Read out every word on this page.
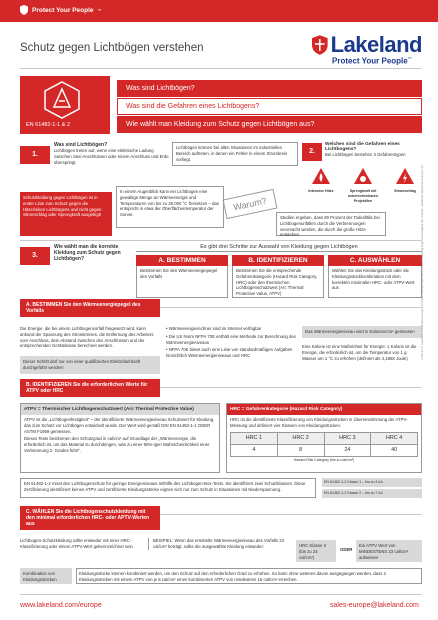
Protect Your People ™
Schutz gegen Lichtbögen verstehen	Lakeland
Protect Your People™
EN 61482-1-1 & 2
Was sind Lichtbögen?
Was sind die Gefahren eines Lichtbogens?
Wie wählt man Kleidung zum Schutz gegen Lichtbögen aus?
1.
Was sind Lichtbögen?
Lichtbögen treten auf, wenn eine elektrische Ladung zwischen zwei Anschlüssen oder einem Anschluss und Erde überspringt.
Lichtbögen können bei allen Situationen im industriellen Bereich auftreten, in denen ein Fehler in einem Stromkreis vorliegt.
2.
Welches sind die Gefahren eines Lichtbogens?
Bei Lichtbögen bestehen 3 Gefahrentypen
Intensive Hitze	Sprengkraft mit unberechenbaren Projektilen
Stromschlag
Schutzkleidung gegen Lichtbögen ist in erster Linie zum Schutz gegen die Hitzerisiken Lichtbögens und nicht gegen Stromschlag oder Sprengkraft ausgelegt!
In einem Augenblick kann ein Lichtbogen eine gewaltige Menge an Wärmeenergie und Temperaturen von bis zu 35.000 °C freisetzen – das entspricht in etwa der Oberflächentemperatur der Sonne.
Warum?
Studien ergeben, dass 80 Prozent der Todesfälle bei Lichtbogenunfällen durch die Verbrennungen verursacht werden, die durch die große Hitze entstehen.
3.
Wie wählt man die korrekte Kleidung zum Schutz gegen Lichtbögen?
Es gibt drei Schritte zur Auswahl von Kleidung gegen Lichtbögen
A. BESTIMMEN
Bestimmen Sie den Wärmeenergiepegel des Vorfalls
B. IDENTIFIZIEREN
Bestimmen Sie die entsprechende Gefahrenkategorie (Hazard Risk Category, HRC) oder den thermischen Lichtbogenschutzwert (Arc Thermal Protective Value, ATPV)
C. AUSWÄHLEN
Wählen Sie das Kleidungsstück oder die Kleidungsstückkombination mit dem korrekten minimalen HRC- oder ATPV-Wert aus
A. BESTIMMEN Sie den Wärmeenergiepegel des Vorfalls
Die Energie, die bei einem Lichtbogenvorfall freigesetzt wird, kann anhand der Spannung des Stromkreises, die Entfernung des Arbeiters vom Anschluss, dem Abstand zwischen den Anschlüssen und der entsprechenden Gerätekasse berechnet werden.
Dieser Schritt darf nur von einer qualifizierten Elektrofachkraft durchgeführt werden!
• Wärmeenergierechner sind im Internet verfügbar
• Die US Norm NFPA 70E enthält eine Methode zur Berechnung des Wärmeenergieniveaus
• NFPA 70E bietet auch eine Liste von standardmäßigen Aufgaben hinsichtlich Wärmeenergieniveaus und HRC
Das Wärmeenergieniveau wird in Kalorien/cm² gemessen
Eine Kalorie ist eine Maßeinheit für Energie: 1 Kalorie ist die Energie, die erforderlich ist, um die Temperatur von 1 g Wasser um 1 °C zu erhöhen (definiert als 4,1868 Joule)
B. IDENTIFIZIEREN Sie die erforderlichen Werte für ATPV oder HRC
ATPV = Thermischer Lichtbogenschutzwert (Arc Thermal Protective Value)
ATPV ist die „Lichtbogenfestigkeit" – der identifizierte Wärmeenergieniveau Schutzwert für Kleidung, das zum Schutz vor Lichtbögen entwickelt wurde. Der Wert wird gemäß DIN EN 61482-1-1 ODER ASTM F1959 gemessen.
Dieses Tests bestimmen den Schutzgrad in cal/cm² auf Grundlage der „Wärmeenergie, die erforderlich ist, um das Material zu durchdringen, was zu einer 50%-igen Wahrscheinlichkeit einer Verbrennung 2. Grades führt".
HRC = Gefahrenkategorie (Hazard Risk Category)
HRC ist die identifizierte Klassifizierung von Kleidungsstücken in Übereinstimmung der ATPV-Messung und definiert vier Klassen von Kleidungsstücken.
HRC 1	HRC 2	HRC 3	HRC 4
4	8	24	40
Hazard Risk Category (bis zu cal/cm²)
EN 61482-1-2 misst den Lichtbogenschutz für geringe Energieniveaus mithilfe des Lichtbogen-Box-Tests. Sie identifiziert zwei Schutzklassen. Diese Zertifizierung identifiziert keinen ATPV und zertifizierte Kleidungsstücke eignen sich nur zum Schutz in Situationen mit Niederspannung.
EN 61482-1-2 Klasse 1 – bis zu 4 kA
EN 61482-1-2 Klasse 2 – bis zu 7 kA
C. WÄHLEN Sie die Lichtbogenschutzkleidung mit den minimal erforderlichen HRC- oder APTV-Werten aus
Lichtbogen-Schutzkleidung sollte entweder mit einer HRC-Klassifizierung oder einem ATPV-Wert gekennzeichnet sein.
BEISPIEL: Wenn das ermittelte Wärmeenergieniveau des Vorfalls 23 cal/cm² beträgt, sollte die ausgewählte Kleidung entweder:	HRC Klasse 3 (bis zu 24 cal/cm²)
ODER
Ein ATPV Wert von MINDESTENS 23 cal/cm² aufweisen
Kombination von Kleidungsstücken
Kleidungsstücke können kombiniert werden, um den Schutz auf den erforderlichen Grad zu erhöhen. So kann ohne weiteres davon ausgegangen werden, dass 2 Kleidungsstücken mit einem ATPV von je 8 cal/cm² einen kombinierten ATPV von mindestens 16 cal/cm² erreichen.
www.lakeland.com/europe	sales-europe@lakeland.com
LT02-31 © Lakeland Industries Europe Ltd 2019 Lakeland gibt keine Gewährleistung bzgl. Genauigkeit der Inhalte. Lakeland Industries Europe Ltd
